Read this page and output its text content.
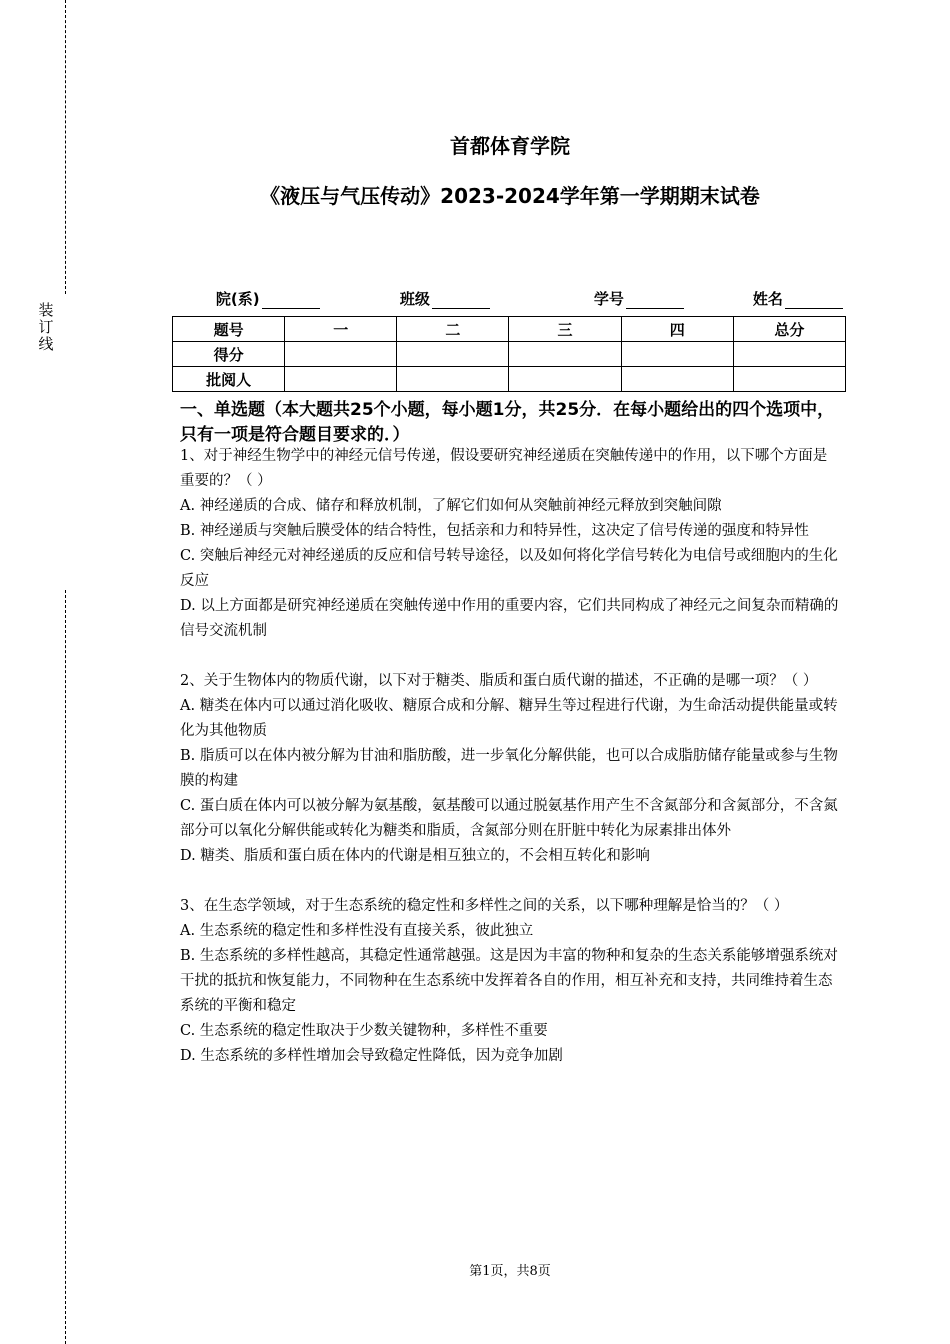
装
订
线
首都体育学院
《液压与气压传动》2023-2024学年第一学期期末试卷

院(系)
	班级
	学号
	姓名

题号	一	二	三	四	总分
得分					
批阅人					
一、单选题（本大题共25个小题，每小题1分，共25分．在每小题给出的四个选项中，只有一项是符合题目要求的．）

1、对于神经生物学中的神经元信号传递，假设要研究神经递质在突触传递中的作用，以下哪个方面是重要的？（ ）

A. 神经递质的合成、储存和释放机制，了解它们如何从突触前神经元释放到突触间隙

B. 神经递质与突触后膜受体的结合特性，包括亲和力和特异性，这决定了信号传递的强度和特异性

C. 突触后神经元对神经递质的反应和信号转导途径，以及如何将化学信号转化为电信号或细胞内的生化反应

D. 以上方面都是研究神经递质在突触传递中作用的重要内容，它们共同构成了神经元之间复杂而精确的信号交流机制

2、关于生物体内的物质代谢，以下对于糖类、脂质和蛋白质代谢的描述，不正确的是哪一项？（ ）

A. 糖类在体内可以通过消化吸收、糖原合成和分解、糖异生等过程进行代谢，为生命活动提供能量或转化为其他物质

B. 脂质可以在体内被分解为甘油和脂肪酸，进一步氧化分解供能，也可以合成脂肪储存能量或参与生物膜的构建

C. 蛋白质在体内可以被分解为氨基酸，氨基酸可以通过脱氨基作用产生不含氮部分和含氮部分，不含氮部分可以氧化分解供能或转化为糖类和脂质，含氮部分则在肝脏中转化为尿素排出体外

D. 糖类、脂质和蛋白质在体内的代谢是相互独立的，不会相互转化和影响

3、在生态学领域，对于生态系统的稳定性和多样性之间的关系，以下哪种理解是恰当的？（ ）

A. 生态系统的稳定性和多样性没有直接关系，彼此独立

B. 生态系统的多样性越高，其稳定性通常越强。这是因为丰富的物种和复杂的生态关系能够增强系统对干扰的抵抗和恢复能力，不同物种在生态系统中发挥着各自的作用，相互补充和支持，共同维持着生态系统的平衡和稳定

C. 生态系统的稳定性取决于少数关键物种，多样性不重要

D. 生态系统的多样性增加会导致稳定性降低，因为竞争加剧

第1页，共8页
